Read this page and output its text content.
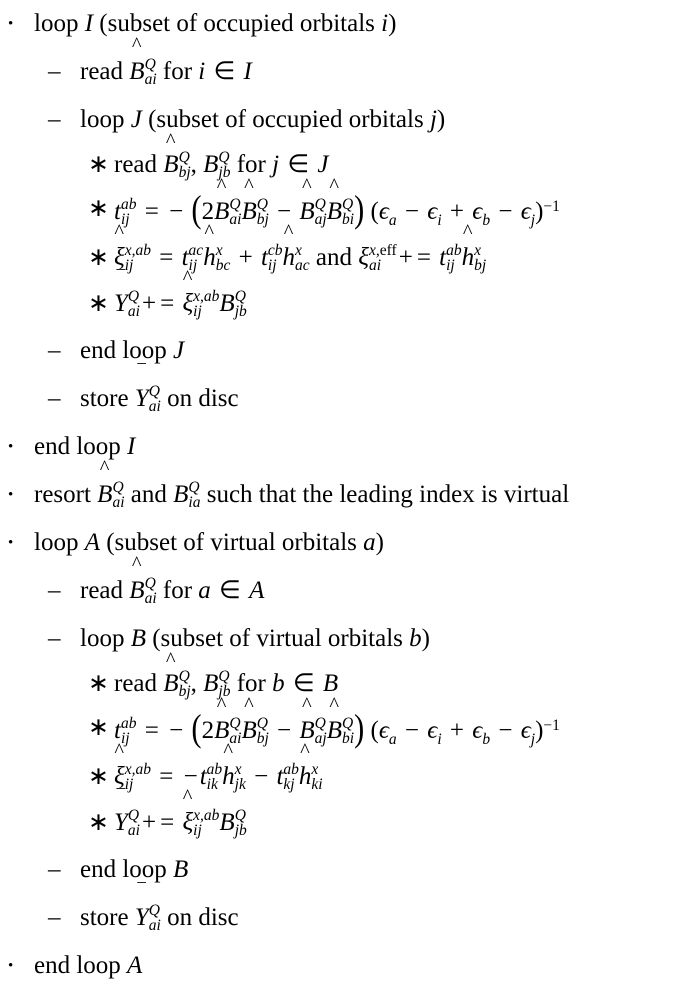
• loop I (subset of occupied orbitals i)
– read
^
B Q
ai for i ∈ I
– loop J (subset of occupied orbitals j)
∗ read
^
B Q
bj , B Q
jb for j ∈ J
∗ t ab
ij = − (2
^
B Q
ai
^
B Q
bj −
^
B Q
aj
^
B Q
bi ) $(\epsilon_a - \epsilon_i + \epsilon_b - \epsilon_j)^{-1}$
∗
^
ξ x,ab
ij	= t ac
ij
^
h x
bc + t cb
ij
^
h x
ac and ξ x,eff
ai + = t ab
ij
^
h x
bj
∗
‾
Y Q
ai + =
^
ξ x,ab
ij B Q
jb
– end loop J
– store
‾
Y Q
ai on disc
• end loop I
• resort
^
B Q
ai and B Q
ia such that the leading index is virtual
• loop A (subset of virtual orbitals a)
– read
^
B Q
ai for a ∈ A
– loop B (subset of virtual orbitals b)
∗ read
^
B Q
bj , B Q
jb for b ∈ B
∗ t ab
ij = − (2
^
B Q
ai
^
B Q
bj −
^
B Q
aj
^
B Q
bi ) $(\epsilon_a - \epsilon_i + \epsilon_b - \epsilon_j)^{-1}$
∗
^
ξ x,ab
ij	= −t ab
ik
^
h x
jk − t ab
kj
^
h x
ki
∗
‾
Y Q
ai + =
^
ξ x,ab
ij B Q
jb
– end loop B
– store
‾
Y Q
ai on disc
• end loop A
